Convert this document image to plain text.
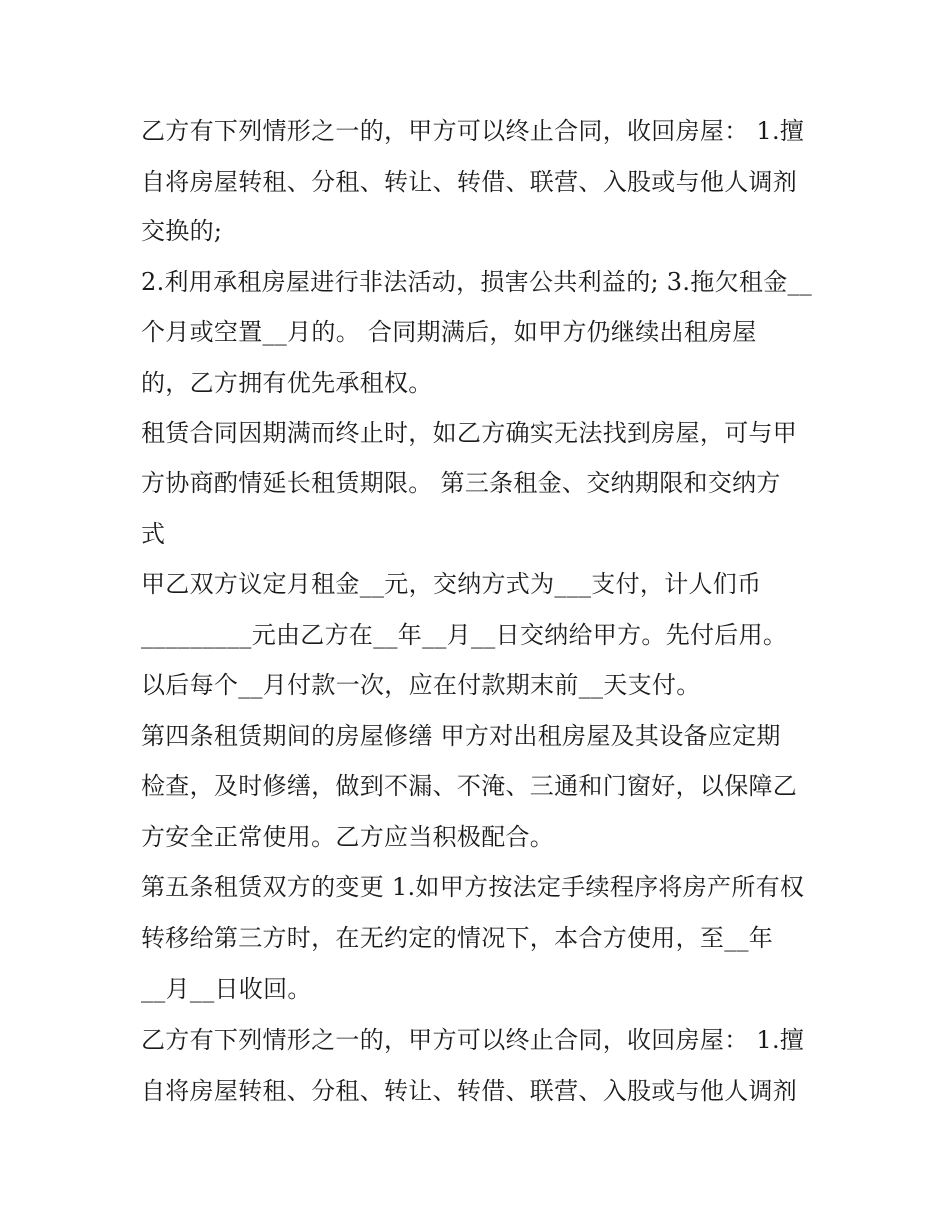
乙方有下列情形之一的，甲方可以终止合同，收回房屋： 1.擅
自将房屋转租、分租、转让、转借、联营、入股或与他人调剂
交换的;
2.利用承租房屋进行非法活动，损害公共利益的; 3.拖欠租金__
个月或空置__月的。 合同期满后，如甲方仍继续出租房屋
的，乙方拥有优先承租权。
租赁合同因期满而终止时，如乙方确实无法找到房屋，可与甲
方协商酌情延长租赁期限。 第三条租金、交纳期限和交纳方
式
甲乙双方议定月租金__元，交纳方式为___支付，计人们币
_________元由乙方在__年__月__日交纳给甲方。先付后用。
以后每个__月付款一次，应在付款期末前__天支付。
第四条租赁期间的房屋修缮 甲方对出租房屋及其设备应定期
检查，及时修缮，做到不漏、不淹、三通和门窗好，以保障乙
方安全正常使用。乙方应当积极配合。
第五条租赁双方的变更 1.如甲方按法定手续程序将房产所有权
转移给第三方时，在无约定的情况下，本合方使用，至__年
__月__日收回。
乙方有下列情形之一的，甲方可以终止合同，收回房屋： 1.擅
自将房屋转租、分租、转让、转借、联营、入股或与他人调剂
